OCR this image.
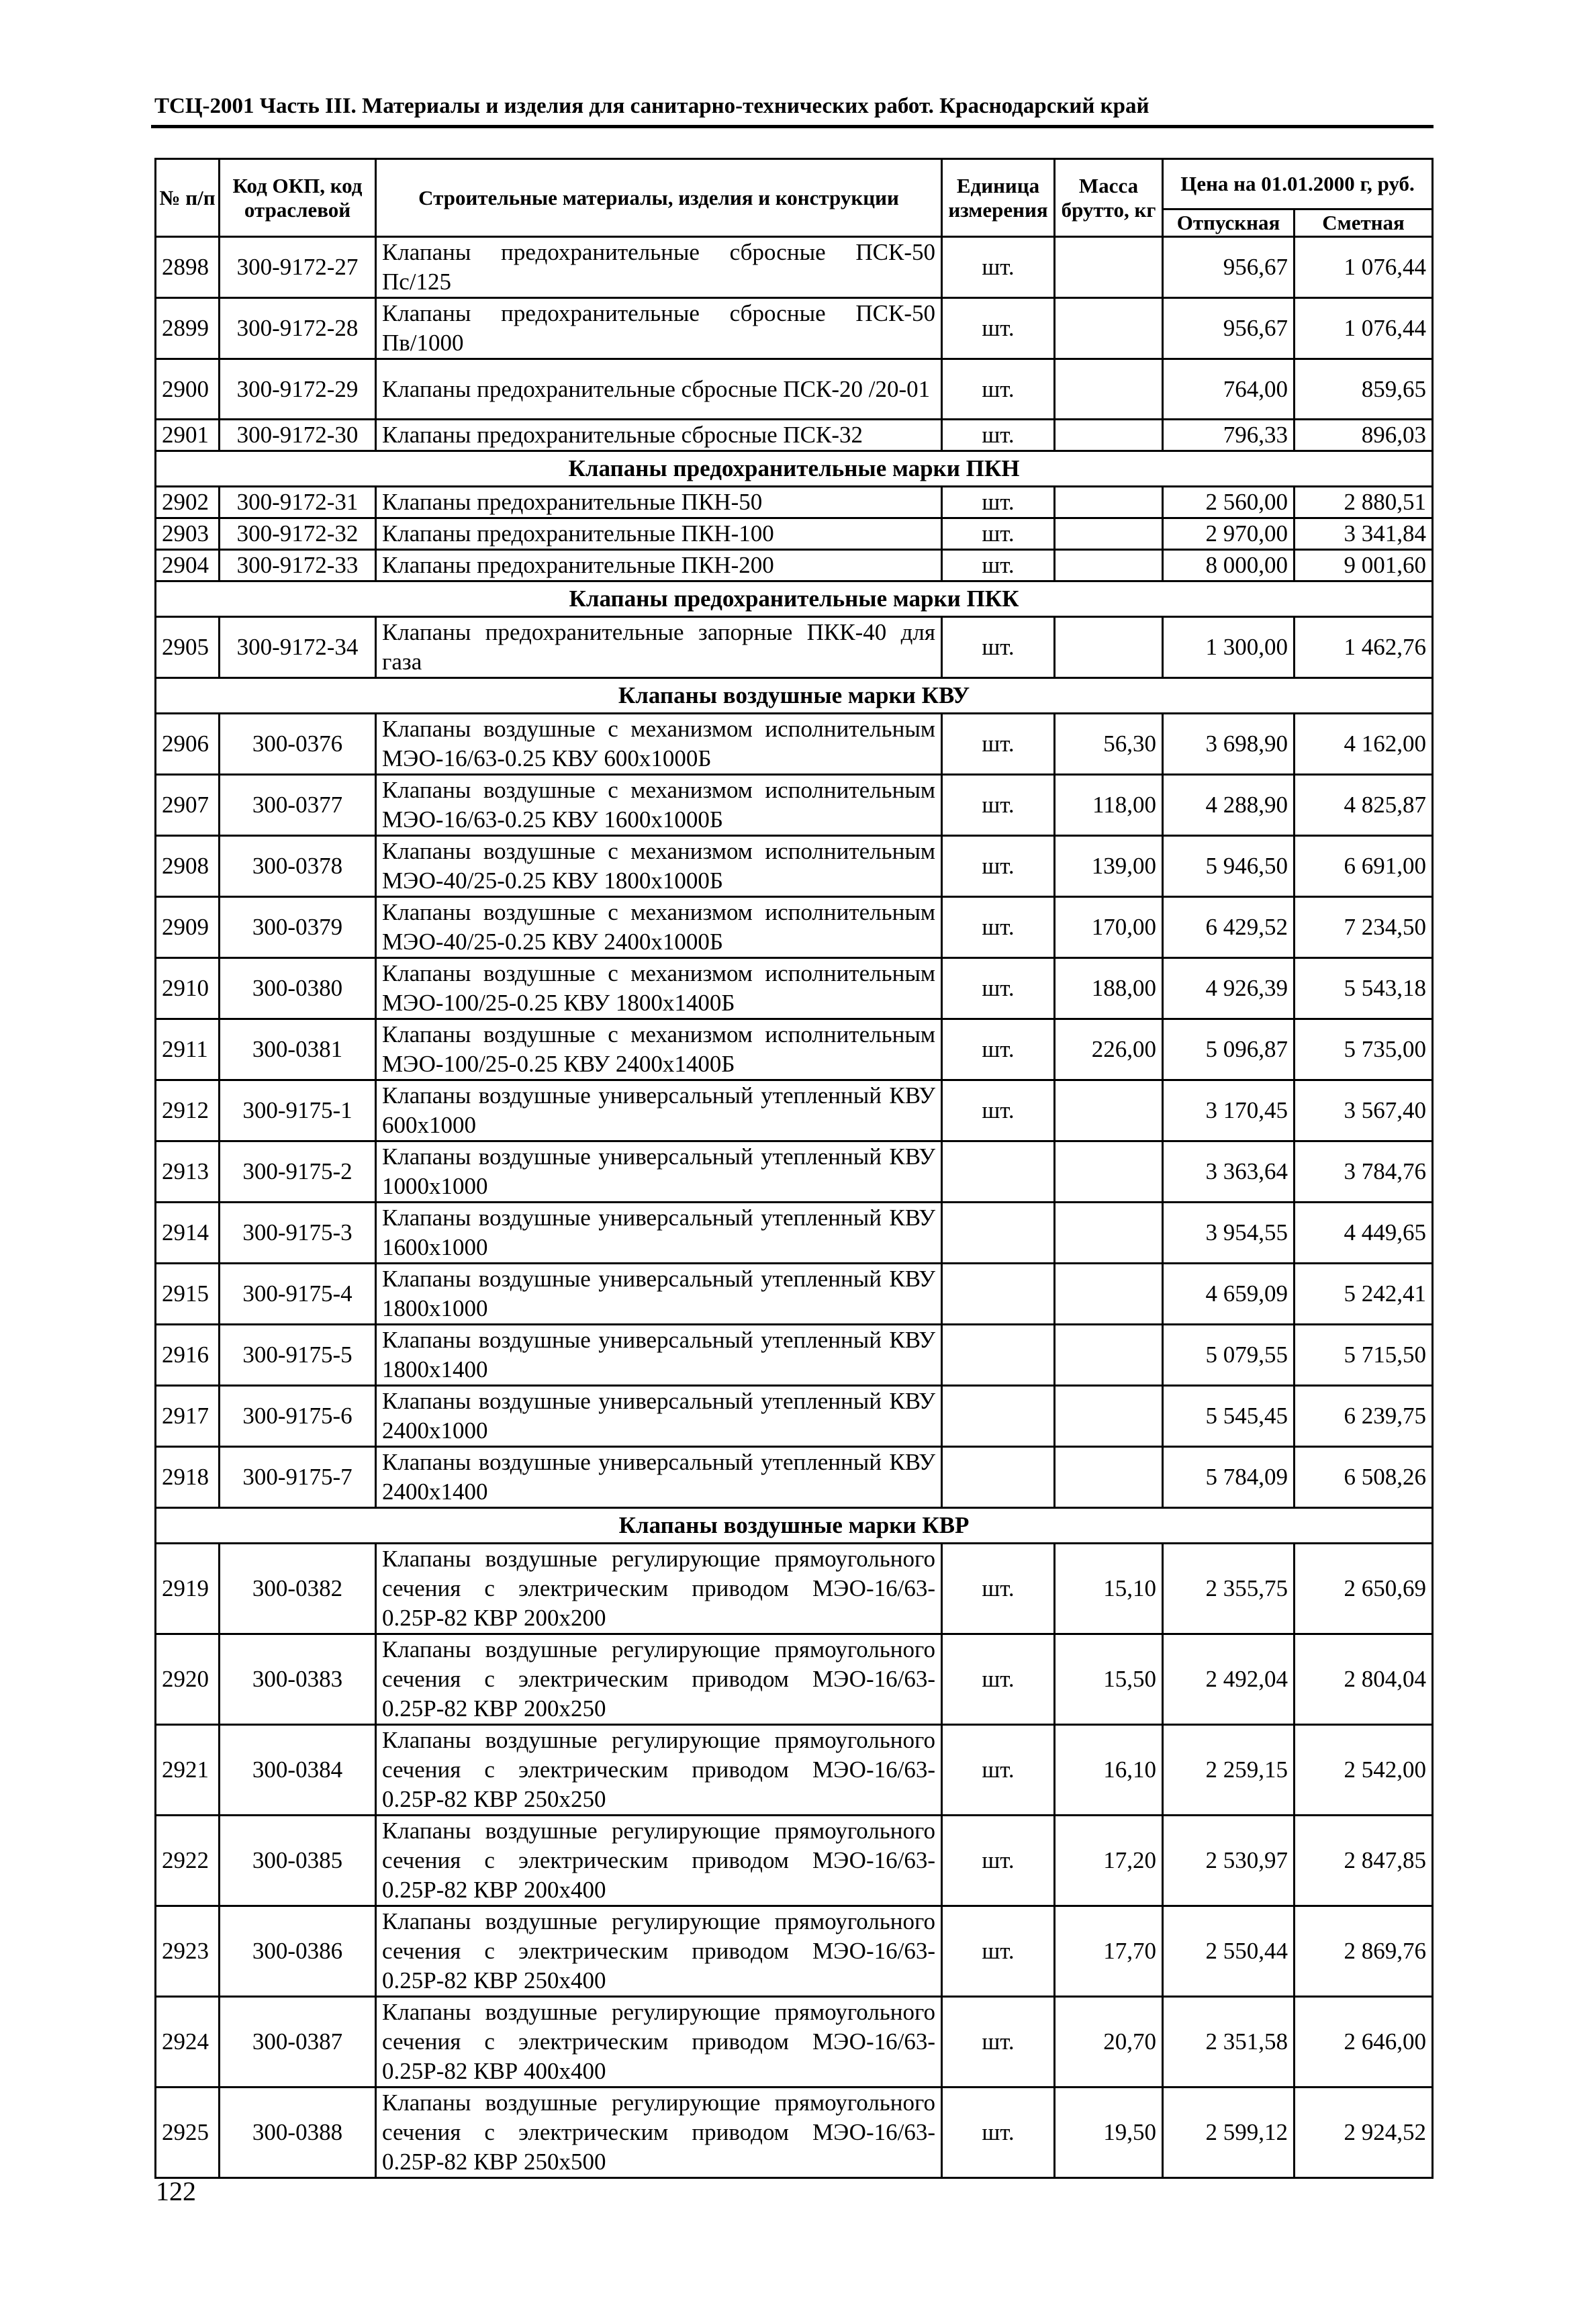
ТСЦ-2001 Часть III. Материалы и изделия для санитарно-технических работ. Краснодарский край
№ п/п	Код ОКП, код отраслевой	Строительные материалы, изделия и конструкции	Единица измерения	Масса брутто, кг	Цена на 01.01.2000 г, руб.	
					Отпускная	Сметная
2898	300-9172-27	Клапаны предохранительные сбросные ПСК-50 Пс/125	шт.		956,67	1 076,44
2899	300-9172-28	Клапаны предохранительные сбросные ПСК-50 Пв/1000	шт.		956,67	1 076,44
2900	300-9172-29	Клапаны предохранительные сбросные ПСК-20 /20-01	шт.		764,00	859,65
2901	300-9172-30	Клапаны предохранительные сбросные ПСК-32	шт.		796,33	896,03
Клапаны предохранительные марки ПКН						
2902	300-9172-31	Клапаны предохранительные ПКН-50	шт.		2 560,00	2 880,51
2903	300-9172-32	Клапаны предохранительные ПКН-100	шт.		2 970,00	3 341,84
2904	300-9172-33	Клапаны предохранительные ПКН-200	шт.		8 000,00	9 001,60
Клапаны предохранительные марки ПКК						
2905	300-9172-34	Клапаны предохранительные запорные ПКК-40 для газа	шт.		1 300,00	1 462,76
Клапаны воздушные марки КВУ						
2906	300-0376	Клапаны воздушные с механизмом исполнительным МЭО-16/63-0.25 КВУ 600x1000Б	шт.	56,30	3 698,90	4 162,00
2907	300-0377	Клапаны воздушные с механизмом исполнительным МЭО-16/63-0.25 КВУ 1600x1000Б	шт.	118,00	4 288,90	4 825,87
2908	300-0378	Клапаны воздушные с механизмом исполнительным МЭО-40/25-0.25 КВУ 1800x1000Б	шт.	139,00	5 946,50	6 691,00
2909	300-0379	Клапаны воздушные с механизмом исполнительным МЭО-40/25-0.25 КВУ 2400x1000Б	шт.	170,00	6 429,52	7 234,50
2910	300-0380	Клапаны воздушные с механизмом исполнительным МЭО-100/25-0.25 КВУ 1800x1400Б	шт.	188,00	4 926,39	5 543,18
2911	300-0381	Клапаны воздушные с механизмом исполнительным МЭО-100/25-0.25 КВУ 2400x1400Б	шт.	226,00	5 096,87	5 735,00
2912	300-9175-1	Клапаны воздушные универсальный утепленный КВУ 600x1000	шт.		3 170,45	3 567,40
2913	300-9175-2	Клапаны воздушные универсальный утепленный КВУ 1000x1000			3 363,64	3 784,76
2914	300-9175-3	Клапаны воздушные универсальный утепленный КВУ 1600x1000			3 954,55	4 449,65
2915	300-9175-4	Клапаны воздушные универсальный утепленный КВУ 1800x1000			4 659,09	5 242,41
2916	300-9175-5	Клапаны воздушные универсальный утепленный КВУ 1800x1400			5 079,55	5 715,50
2917	300-9175-6	Клапаны воздушные универсальный утепленный КВУ 2400x1000			5 545,45	6 239,75
2918	300-9175-7	Клапаны воздушные универсальный утепленный КВУ 2400x1400			5 784,09	6 508,26
Клапаны воздушные марки КВР						
2919	300-0382	Клапаны воздушные регулирующие прямоугольного сечения с электрическим приводом МЭО-16/63-0.25Р-82 КВР 200x200	шт.	15,10	2 355,75	2 650,69
2920	300-0383	Клапаны воздушные регулирующие прямоугольного сечения с электрическим приводом МЭО-16/63-0.25Р-82 КВР 200x250	шт.	15,50	2 492,04	2 804,04
2921	300-0384	Клапаны воздушные регулирующие прямоугольного сечения с электрическим приводом МЭО-16/63-0.25Р-82 КВР 250x250	шт.	16,10	2 259,15	2 542,00
2922	300-0385	Клапаны воздушные регулирующие прямоугольного сечения с электрическим приводом МЭО-16/63-0.25Р-82 КВР 200x400	шт.	17,20	2 530,97	2 847,85
2923	300-0386	Клапаны воздушные регулирующие прямоугольного сечения с электрическим приводом МЭО-16/63-0.25Р-82 КВР 250x400	шт.	17,70	2 550,44	2 869,76
2924	300-0387	Клапаны воздушные регулирующие прямоугольного сечения с электрическим приводом МЭО-16/63-0.25Р-82 КВР 400x400	шт.	20,70	2 351,58	2 646,00
2925	300-0388	Клапаны воздушные регулирующие прямоугольного сечения с электрическим приводом МЭО-16/63-0.25Р-82 КВР 250x500	шт.	19,50	2 599,12	2 924,52
122
